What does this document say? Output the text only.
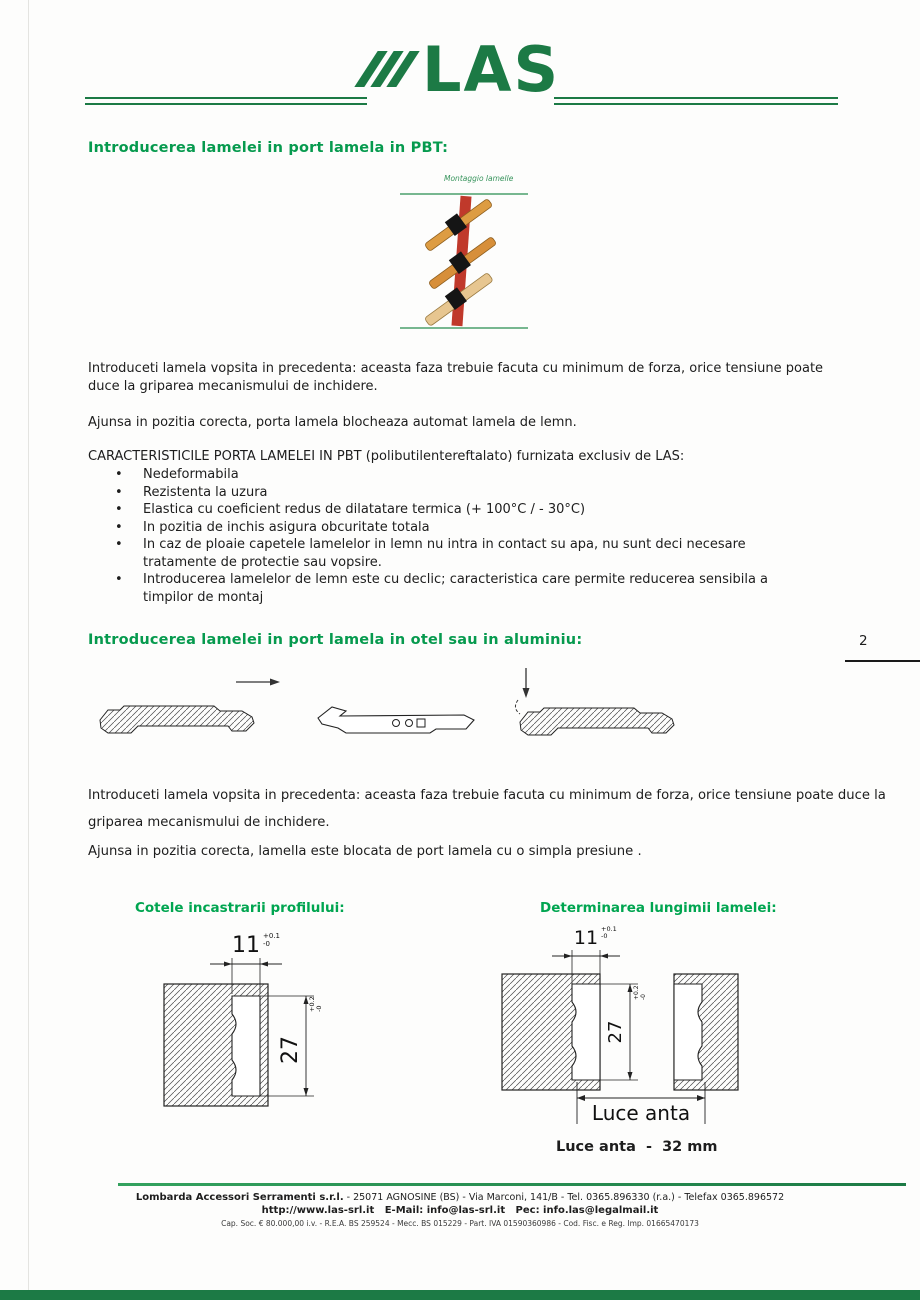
LAS
Introducerea lamelei in port lamela in PBT:
Montaggio lamelle
Introduceti lamela vopsita in precedenta: aceasta faza trebuie facuta cu minimum de forza, orice tensiune poate duce la griparea mecanismului de inchidere.
Ajunsa in pozitia corecta, porta lamela blocheaza automat lamela de lemn.
CARACTERISTICILE PORTA LAMELEI IN PBT (polibutilentereftalato) furnizata exclusiv de LAS:
• Nedeformabila
• Rezistenta la uzura
• Elastica cu coeficient redus de dilatatare termica (+ 100°C / - 30°C)
• In pozitia de inchis asigura obcuritate totala
• In caz de ploaie capetele lamelelor in lemn nu intra in contact su apa, nu sunt deci necesare tratamente de protectie sau vopsire.
• Introducerea lamelelor de lemn este cu declic; caracteristica care permite reducerea sensibila a timpilor de montaj
Introducerea lamelei in port lamela in otel sau in aluminiu:	2
Introduceti lamela vopsita in precedenta: aceasta faza trebuie facuta cu minimum de forza, orice tensiune poate duce la griparea mecanismului de inchidere.
Ajunsa in pozitia corecta, lamella este blocata de port lamela cu o simpla presiune .
Cotele incastrarii profilului:	Determinarea lungimii lamelei:
11 +0.1
-0
27
+0.2 -0
11 +0.1
-0
27
+0.2 -0
Luce anta
Luce anta  -  32 mm
Lombarda Accessori Serramenti s.r.l. - 25071 AGNOSINE (BS) - Via Marconi, 141/B - Tel. 0365.896330 (r.a.) - Telefax 0365.896572
http://www.las-srl.it   E-Mail: info@las-srl.it   Pec: info.las@legalmail.it
Cap. Soc. € 80.000,00 i.v. - R.E.A. BS 259524 - Mecc. BS 015229 - Part. IVA 01590360986 - Cod. Fisc. e Reg. Imp. 01665470173
